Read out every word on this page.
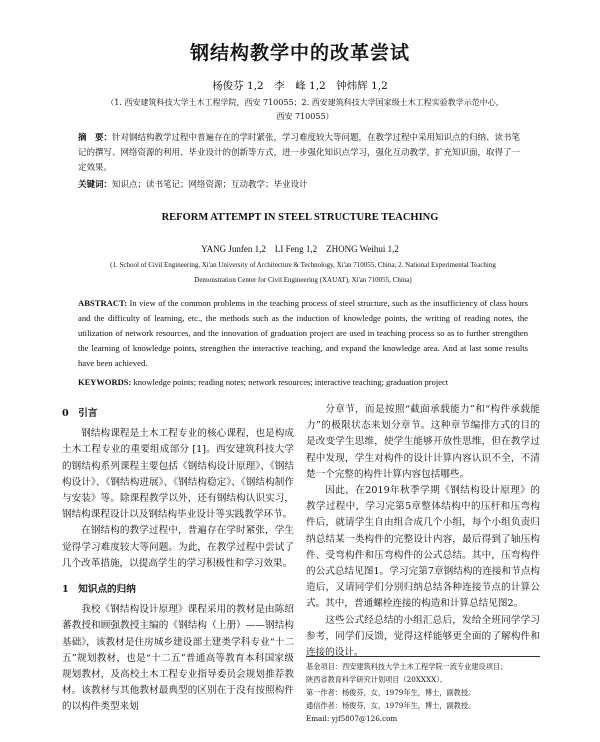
钢结构教学中的改革尝试
杨俊芬 1,2　李　峰 1,2　钟炜辉 1,2
（1. 西安建筑科技大学土木工程学院，西安 710055；2. 西安建筑科技大学国家级土木工程实验教学示范中心，
西安 710055）
摘　要：针对钢结构教学过程中普遍存在的学时紧张，学习难度较大等问题，在教学过程中采用知识点的归纳、读书笔记的撰写、网络资源的利用、毕业设计的创新等方式，进一步强化知识点学习，强化互动教学，扩充知识面，取得了一定效果。
关键词：知识点；读书笔记；网络资源；互动教学；毕业设计
REFORM ATTEMPT IN STEEL STRUCTURE TEACHING
YANG Junfen 1,2　LI Feng 1,2　ZHONG Weihui 1,2
(1. School of Civil Engineering, Xi'an University of Architecture & Technology, Xi'an 710055, China; 2. National Experimental Teaching
Demonstration Center for Civil Engineering (XAUAT), Xi'an 710055, China)
ABSTRACT: In view of the common problems in the teaching process of steel structure, such as the insufficiency of class hours and the difficulty of learning, etc., the methods such as the induction of knowledge points, the writing of reading notes, the utilization of network resources, and the innovation of graduation project are used in teaching process so as to further strengthen the learning of knowledge points, strengthen the interactive teaching, and expand the knowledge area. And at last some results have been achieved.
KEYWORDS: knowledge points; reading notes; network resources; interactive teaching; graduation project
0　引言

钢结构课程是土木工程专业的核心课程，也是构成土木工程专业的重要组成部分 [1]。西安建筑科技大学的钢结构系列课程主要包括《钢结构设计原理》、《钢结构设计》、《钢结构进展》、《钢结构稳定》、《钢结构制作与安装》等。除课程教学以外，还有钢结构认识实习，钢结构课程设计以及钢结构毕业设计等实践教学环节。

在钢结构的教学过程中，普遍存在学时紧张，学生觉得学习难度较大等问题。为此，在教学过程中尝试了几个改革措施，以提高学生的学习积极性和学习效果。

1　知识点的归纳

我校《钢结构设计原理》课程采用的教材是由陈绍蕃教授和顾强教授主编的《钢结构（上册）——钢结构基础》，该教材是住房城乡建设部土建类学科专业“十二五”规划教材，也是“十二五”普通高等教育本科国家级规划教材，及高校土木工程专业指导委员会规划推荐教材。该教材与其他教材最典型的区别在于没有按照构件的以构件类型来划

分章节，而是按照“截面承载能力”和“构件承载能力”的极限状态来划分章节。这种章节编排方式的目的是改变学生思维，使学生能够开放性思维，但在教学过程中发现，学生对构件的设计计算内容认识不全，不清楚一个完整的构件计算内容包括哪些。

因此，在2019年秋季学期《钢结构设计原理》的教学过程中，学习完第5章整体结构中的压杆和压弯构件后，就请学生自由组合成几个小组，每个小组负责归纳总结某一类构件的完整设计内容，最后得到了轴压构件、受弯构件和压弯构件的公式总结。其中，压弯构件的公式总结见图1。学习完第7章钢结构的连接和节点构造后，又请同学们分别归纳总结各种连接节点的计算公式。其中，普通螺栓连接的构造和计算总结见图2。

这些公式经总结的小组汇总后，发给全班同学学习参考，同学们反馈，觉得这样能够更全面的了解构件和连接的设计。

基金项目：西安建筑科技大学土木工程学院一流专业建设项目；
陕西省教育科学研究计划项目（20XXXX）。
第一作者：杨俊芬，女，1979年生，博士，副教授。
通信作者：杨俊芬，女，1979年生，博士，副教授。
Email: yjf5807@126.com
